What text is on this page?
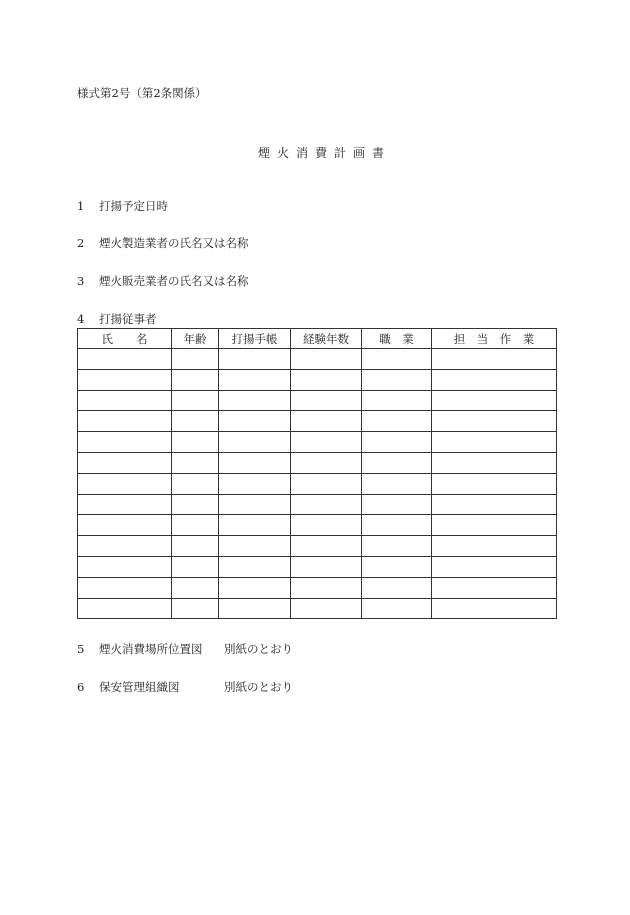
様式第2号（第2条関係）
煙火消費計画書
1 打揚予定日時
2 煙火製造業者の氏名又は名称
3 煙火販売業者の氏名又は名称
4 打揚従事者
氏　　名	年齢	打揚手帳	経験年数	職　業	担　当　作　業

5 煙火消費場所位置図 別紙のとおり
6 保安管理組織図	別紙のとおり
